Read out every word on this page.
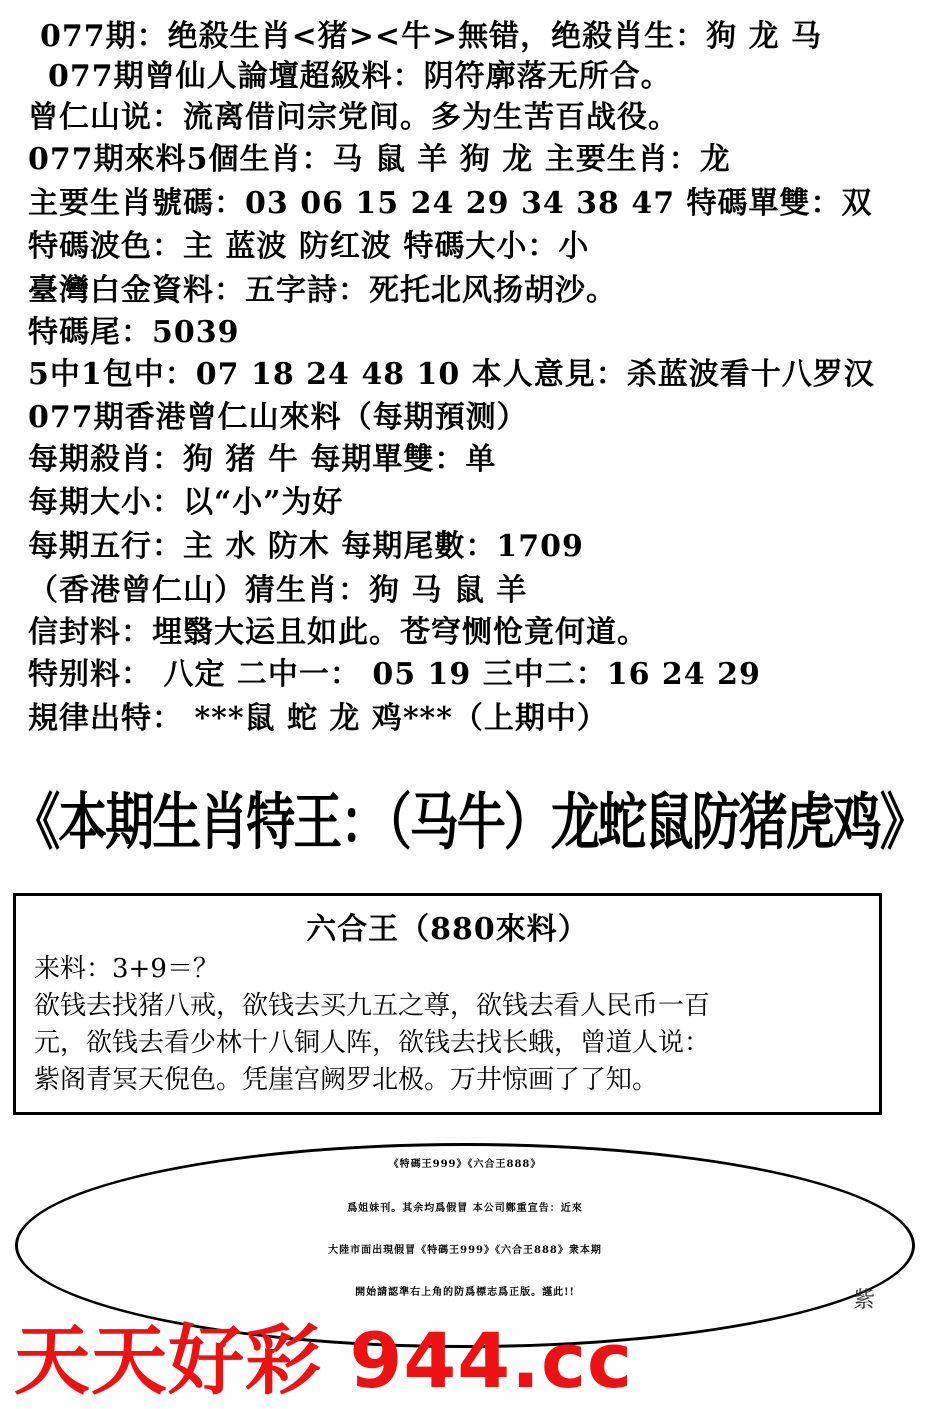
077期：绝殺生肖<猪><牛>無错，绝殺肖生：狗 龙 马
077期曾仙人論壇超級料：阴符廓落无所合。
曾仁山说：流离借问宗党间。多为生苦百战役。
077期來料5個生肖：马 鼠 羊 狗 龙 主要生肖：龙
主要生肖號碼：03 06 15 24 29 34 38 47 特碼單雙：双
特碼波色：主 蓝波 防红波 特碼大小：小
臺灣白金資料：五字詩：死托北风扬胡沙。
特碼尾：5039
5中1包中：07 18 24 48 10 本人意見：杀蓝波看十八罗汉
077期香港曾仁山來料（每期預测）
每期殺肖：狗 猪 牛 每期單雙：单
每期大小：以“小”为好
每期五行：主 水 防木 每期尾數：1709
（香港曾仁山）猜生肖：狗 马 鼠 羊
信封料：埋翳大运且如此。苍穹恻怆竟何道。
特别料： 八定 二中一： 05 19 三中二：16 24 29
規律出特： ***鼠 蛇 龙 鸡***（上期中）
《本期生肖特王：（马牛）龙蛇鼠防猪虎鸡》
六合王（880來料）
来料：3+9＝？
欲钱去找猪八戒，欲钱去买九五之尊，欲钱去看人民币一百
元，欲钱去看少林十八铜人阵，欲钱去找长蛾，曾道人说：
紫阁青冥天倪色。凭崖宫阙罗北极。万井惊画了了知。
《特碼王999》《六合王888》
爲姐妹刊。其余均爲假冒 本公司鄭重宣告：近來
大陸市面出現假冒《特碼王999》《六合王888》衆本期
開始請認準右上角的防爲標志爲正版。謹此!!	紫
天天好彩 944.cc
